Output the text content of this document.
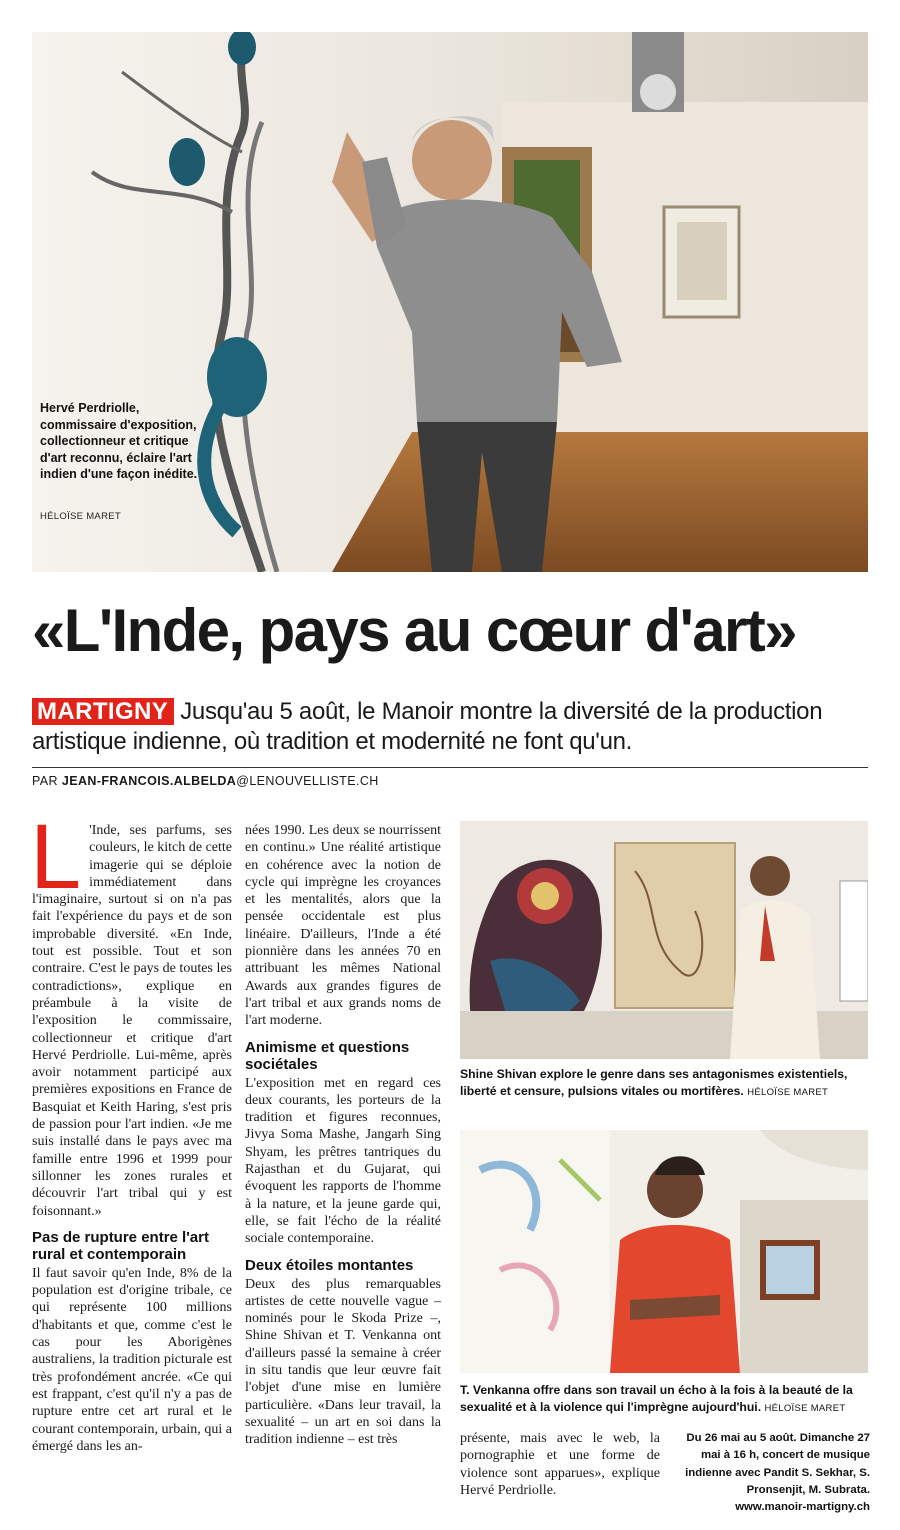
Hervé Perdriolle, commissaire d'exposition, collectionneur et critique d'art reconnu, éclaire l'art indien d'une façon inédite.
HÉLOÏSE MARET
«L'Inde, pays au cœur d'art»
MARTIGNY Jusqu'au 5 août, le Manoir montre la diversité de la production artistique indienne, où tradition et modernité ne font qu'un.
PAR JEAN-FRANCOIS.ALBELDA@LENOUVELLISTE.CH
L 'Inde, ses parfums, ses couleurs, le kitch de cette imagerie qui se déploie immédiatement dans l'imaginaire, surtout si on n'a pas fait l'expérience du pays et de son improbable diversité. «En Inde, tout est possible. Tout et son contraire. C'est le pays de toutes les contradictions», explique en préambule à la visite de l'exposition le commissaire, collectionneur et critique d'art Hervé Perdriolle. Lui-même, après avoir notamment participé aux premières expositions en France de Basquiat et Keith Haring, s'est pris de passion pour l'art indien. «Je me suis installé dans le pays avec ma famille entre 1996 et 1999 pour sillonner les zones rurales et découvrir l'art tribal qui y est foisonnant.»

Pas de rupture entre l'art rural et contemporain

Il faut savoir qu'en Inde, 8% de la population est d'origine tribale, ce qui représente 100 millions d'habitants et que, comme c'est le cas pour les Aborigènes australiens, la tradition picturale est très profondément ancrée. «Ce qui est frappant, c'est qu'il n'y a pas de rupture entre cet art rural et le courant contemporain, urbain, qui a émergé dans les an-

nées 1990. Les deux se nourrissent en continu.» Une réalité artistique en cohérence avec la notion de cycle qui imprègne les croyances et les mentalités, alors que la pensée occidentale est plus linéaire. D'ailleurs, l'Inde a été pionnière dans les années 70 en attribuant les mêmes National Awards aux grandes figures de l'art tribal et aux grands noms de l'art moderne.

Animisme et questions sociétales

L'exposition met en regard ces deux courants, les porteurs de la tradition et figures reconnues, Jivya Soma Mashe, Jangarh Sing Shyam, les prêtres tantriques du Rajasthan et du Gujarat, qui évoquent les rapports de l'homme à la nature, et la jeune garde qui, elle, se fait l'écho de la réalité sociale contemporaine.

Deux étoiles montantes

Deux des plus remarquables artistes de cette nouvelle vague – nominés pour le Skoda Prize –, Shine Shivan et T. Venkanna ont d'ailleurs passé la semaine à créer in situ tandis que leur œuvre fait l'objet d'une mise en lumière particulière. «Dans leur travail, la sexualité – un art en soi dans la tradition indienne – est très

Shine Shivan explore le genre dans ses antagonismes existentiels, liberté et censure, pulsions vitales ou mortifères. HÉLOÏSE MARET
T. Venkanna offre dans son travail un écho à la fois à la beauté de la sexualité et à la violence qui l'imprègne aujourd'hui. HÉLOÏSE MARET

présente, mais avec le web, la pornographie et une forme de violence sont apparues», explique Hervé Perdriolle.

Du 26 mai au 5 août. Dimanche 27 mai à 16 h, concert de musique indienne avec Pandit S. Sekhar, S. Pronsenjit, M. Subrata. www.manoir-martigny.ch
